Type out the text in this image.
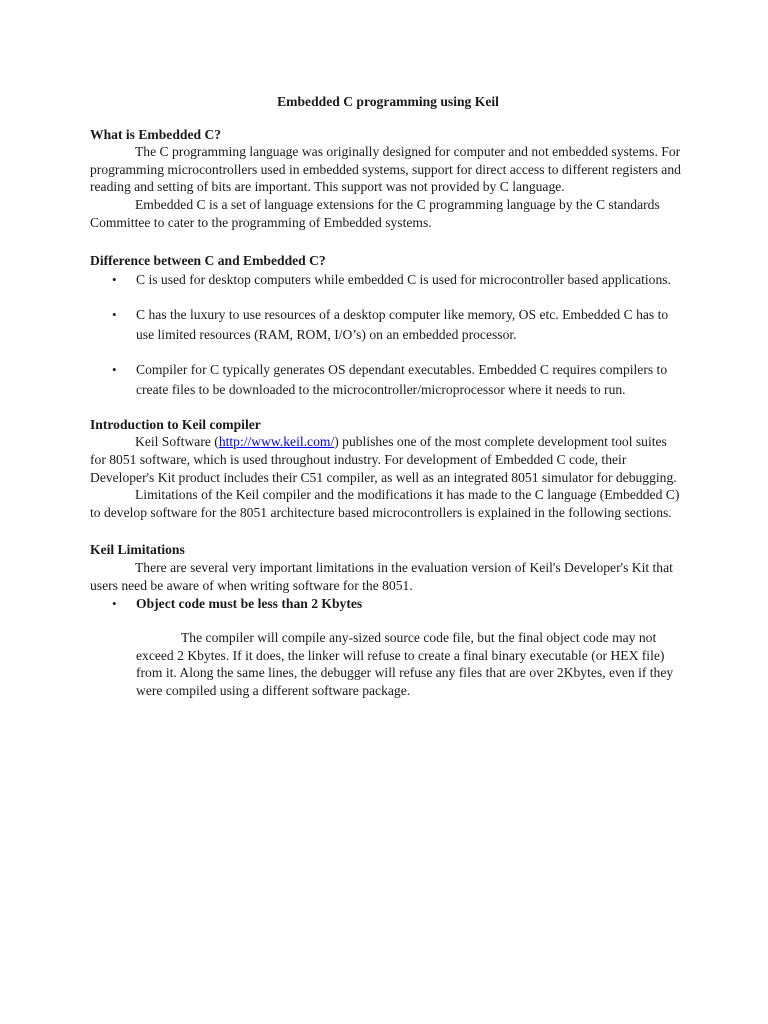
Embedded C programming using Keil

What is Embedded C?

The C programming language was originally designed for computer and not embedded systems. For programming microcontrollers used in embedded systems, support for direct access to different registers and reading and setting of bits are important. This support was not provided by C language.

Embedded C is a set of language extensions for the C programming language by the C standards Committee to cater to the programming of Embedded systems.

Difference between C and Embedded C?

• C is used for desktop computers while embedded C is used for microcontroller based applications.
• C has the luxury to use resources of a desktop computer like memory, OS etc. Embedded C has to use limited resources (RAM, ROM, I/O’s) on an embedded processor.
• Compiler for C typically generates OS dependant executables. Embedded C requires compilers to create files to be downloaded to the microcontroller/microprocessor where it needs to run.

Introduction to Keil compiler

Keil Software (http://www.keil.com/) publishes one of the most complete development tool suites for 8051 software, which is used throughout industry. For development of Embedded C code, their Developer's Kit product includes their C51 compiler, as well as an integrated 8051 simulator for debugging.

Limitations of the Keil compiler and the modifications it has made to the C language (Embedded C) to develop software for the 8051 architecture based microcontrollers is explained in the following sections.

Keil Limitations

There are several very important limitations in the evaluation version of Keil's Developer's Kit that users need be aware of when writing software for the 8051.

• Object code must be less than 2 Kbytes

The compiler will compile any-sized source code file, but the final object code may not exceed 2 Kbytes. If it does, the linker will refuse to create a final binary executable (or HEX file) from it. Along the same lines, the debugger will refuse any files that are over 2Kbytes, even if they were compiled using a different software package.
